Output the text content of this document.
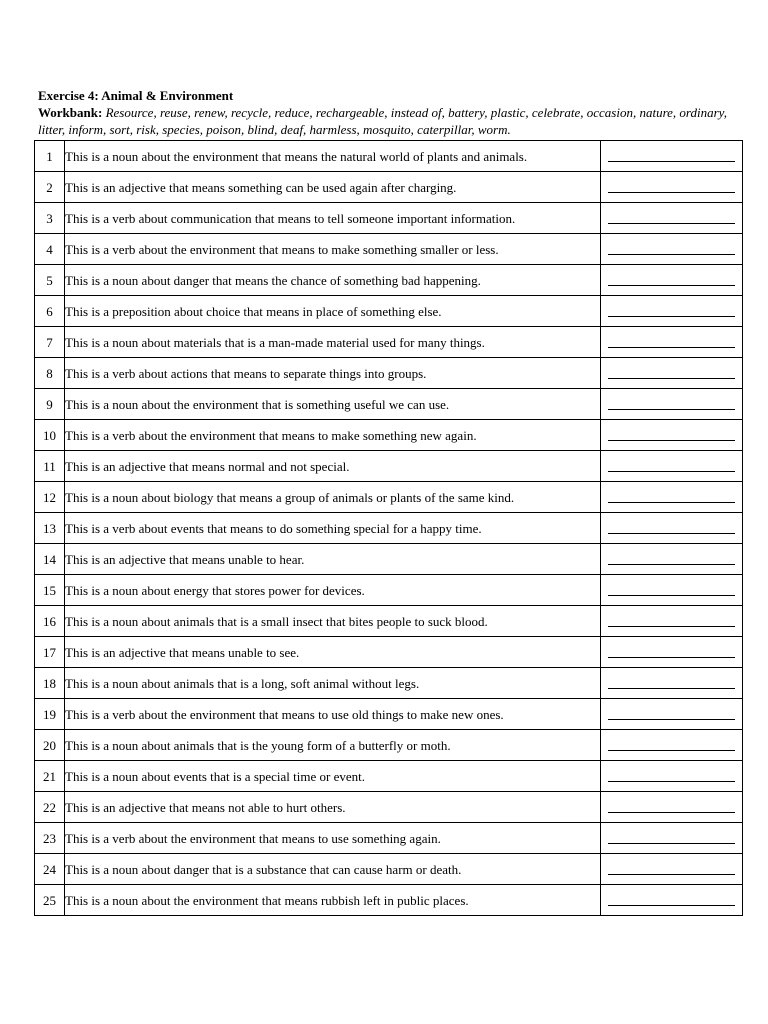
Exercise 4: Animal & Environment
Workbank: Resource, reuse, renew, recycle, reduce, rechargeable, instead of, battery, plastic, celebrate, occasion, nature, ordinary, litter, inform, sort, risk, species, poison, blind, deaf, harmless, mosquito, caterpillar, worm.
1	This is a noun about the environment that means the natural world of plants and animals.	

2	This is an adjective that means something can be used again after charging.	

3	This is a verb about communication that means to tell someone important information.	

4	This is a verb about the environment that means to make something smaller or less.	

5	This is a noun about danger that means the chance of something bad happening.	

6	This is a preposition about choice that means in place of something else.	

7	This is a noun about materials that is a man-made material used for many things.	

8	This is a verb about actions that means to separate things into groups.	

9	This is a noun about the environment that is something useful we can use.	

10	This is a verb about the environment that means to make something new again.	

11	This is an adjective that means normal and not special.	

12	This is a noun about biology that means a group of animals or plants of the same kind.	

13	This is a verb about events that means to do something special for a happy time.	

14	This is an adjective that means unable to hear.	

15	This is a noun about energy that stores power for devices.	

16	This is a noun about animals that is a small insect that bites people to suck blood.	

17	This is an adjective that means unable to see.	

18	This is a noun about animals that is a long, soft animal without legs.	

19	This is a verb about the environment that means to use old things to make new ones.	

20	This is a noun about animals that is the young form of a butterfly or moth.	

21	This is a noun about events that is a special time or event.	

22	This is an adjective that means not able to hurt others.	

23	This is a verb about the environment that means to use something again.	

24	This is a noun about danger that is a substance that can cause harm or death.	

25	This is a noun about the environment that means rubbish left in public places.	
